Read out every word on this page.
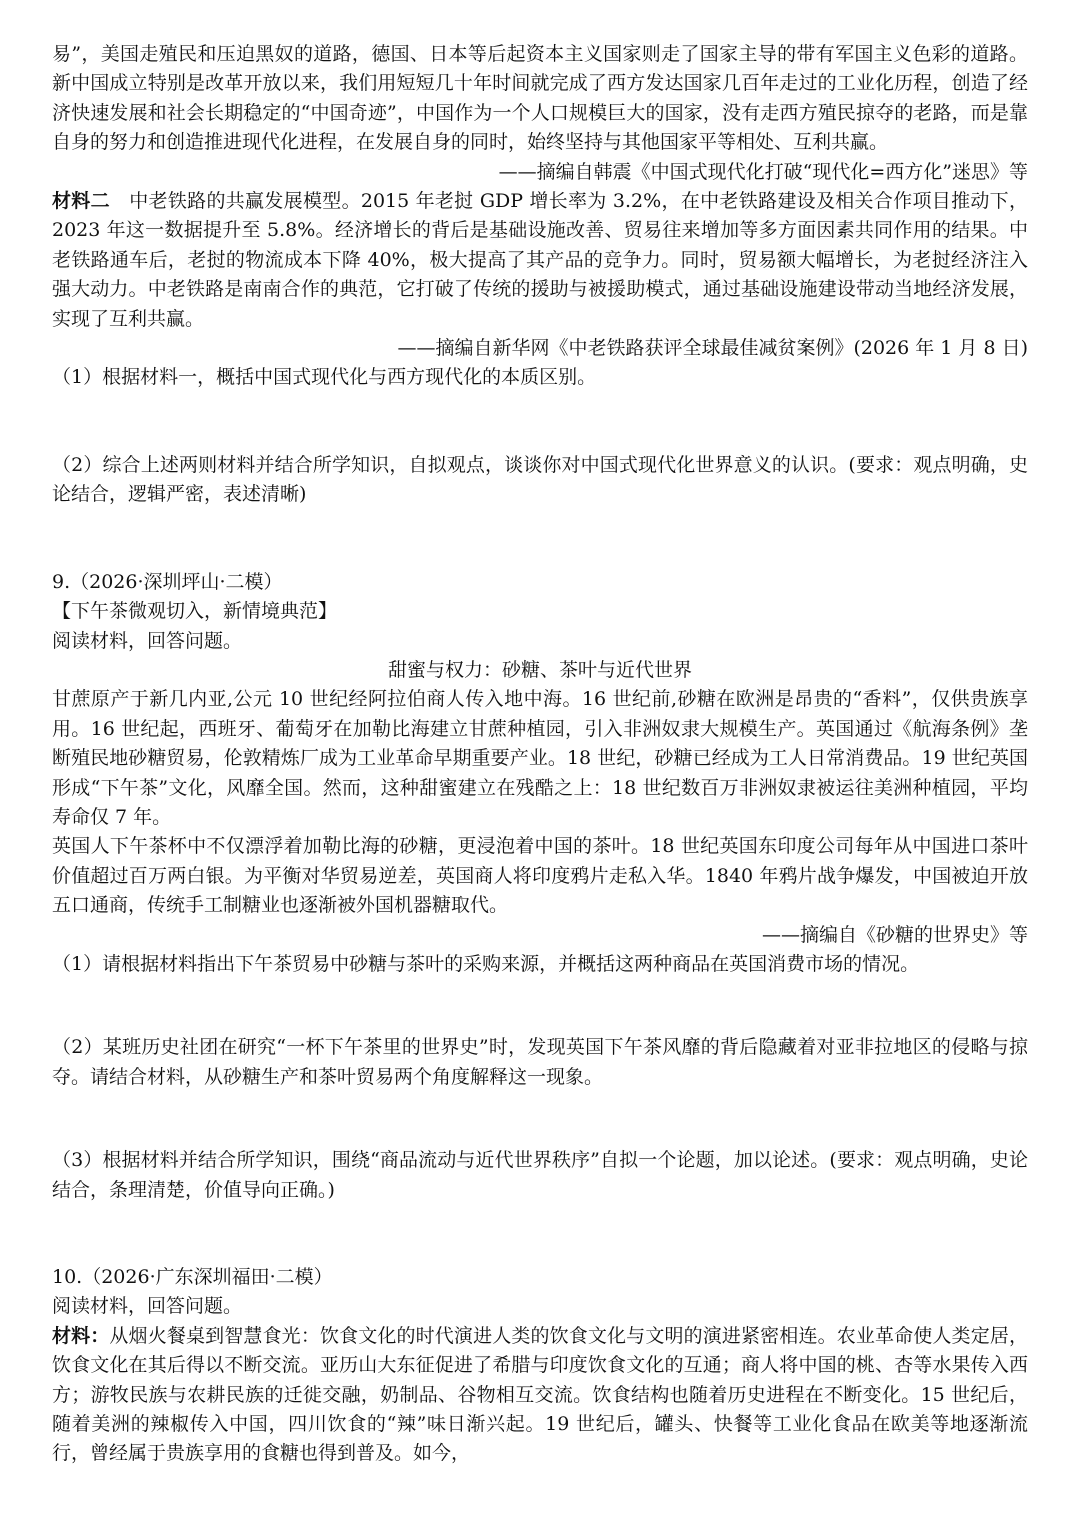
易”，美国走殖民和压迫黑奴的道路，德国、日本等后起资本主义国家则走了国家主导的带有军国主义色彩的道路。新中国成立特别是改革开放以来，我们用短短几十年时间就完成了西方发达国家几百年走过的工业化历程，创造了经济快速发展和社会长期稳定的“中国奇迹”，中国作为一个人口规模巨大的国家，没有走西方殖民掠夺的老路，而是靠自身的努力和创造推进现代化进程，在发展自身的同时，始终坚持与其他国家平等相处、互利共赢。

——摘编自韩震《中国式现代化打破“现代化=西方化”迷思》等

材料二　中老铁路的共赢发展模型。2015 年老挝 GDP 增长率为 3.2%，在中老铁路建设及相关合作项目推动下，2023 年这一数据提升至 5.8%。经济增长的背后是基础设施改善、贸易往来增加等多方面因素共同作用的结果。中老铁路通车后，老挝的物流成本下降 40%，极大提高了其产品的竞争力。同时，贸易额大幅增长，为老挝经济注入强大动力。中老铁路是南南合作的典范，它打破了传统的援助与被援助模式，通过基础设施建设带动当地经济发展，实现了互利共赢。

——摘编自新华网《中老铁路获评全球最佳减贫案例》(2026 年 1 月 8 日)

（1）根据材料一，概括中国式现代化与西方现代化的本质区别。

（2）综合上述两则材料并结合所学知识，自拟观点，谈谈你对中国式现代化世界意义的认识。(要求：观点明确，史论结合，逻辑严密，表述清晰)

9.（2026·深圳坪山·二模）

【下午茶微观切入，新情境典范】

阅读材料，回答问题。

甜蜜与权力：砂糖、茶叶与近代世界

甘蔗原产于新几内亚,公元 10 世纪经阿拉伯商人传入地中海。16 世纪前,砂糖在欧洲是昂贵的“香料”，仅供贵族享用。16 世纪起，西班牙、葡萄牙在加勒比海建立甘蔗种植园，引入非洲奴隶大规模生产。英国通过《航海条例》垄断殖民地砂糖贸易，伦敦精炼厂成为工业革命早期重要产业。18 世纪，砂糖已经成为工人日常消费品。19 世纪英国形成“下午茶”文化，风靡全国。然而，这种甜蜜建立在残酷之上：18 世纪数百万非洲奴隶被运往美洲种植园，平均寿命仅 7 年。

英国人下午茶杯中不仅漂浮着加勒比海的砂糖，更浸泡着中国的茶叶。18 世纪英国东印度公司每年从中国进口茶叶价值超过百万两白银。为平衡对华贸易逆差，英国商人将印度鸦片走私入华。1840 年鸦片战争爆发，中国被迫开放五口通商，传统手工制糖业也逐渐被外国机器糖取代。

——摘编自《砂糖的世界史》等

（1）请根据材料指出下午茶贸易中砂糖与茶叶的采购来源，并概括这两种商品在英国消费市场的情况。

（2）某班历史社团在研究“一杯下午茶里的世界史”时，发现英国下午茶风靡的背后隐藏着对亚非拉地区的侵略与掠夺。请结合材料，从砂糖生产和茶叶贸易两个角度解释这一现象。

（3）根据材料并结合所学知识，围绕“商品流动与近代世界秩序”自拟一个论题，加以论述。(要求：观点明确，史论结合，条理清楚，价值导向正确。)

10.（2026·广东深圳福田·二模）

阅读材料，回答问题。

材料：从烟火餐桌到智慧食光：饮食文化的时代演进人类的饮食文化与文明的演进紧密相连。农业革命使人类定居，饮食文化在其后得以不断交流。亚历山大东征促进了希腊与印度饮食文化的互通；商人将中国的桃、杏等水果传入西方；游牧民族与农耕民族的迁徙交融，奶制品、谷物相互交流。饮食结构也随着历史进程在不断变化。15 世纪后，随着美洲的辣椒传入中国，四川饮食的“辣”味日渐兴起。19 世纪后，罐头、快餐等工业化食品在欧美等地逐渐流行，曾经属于贵族享用的食糖也得到普及。如今，
